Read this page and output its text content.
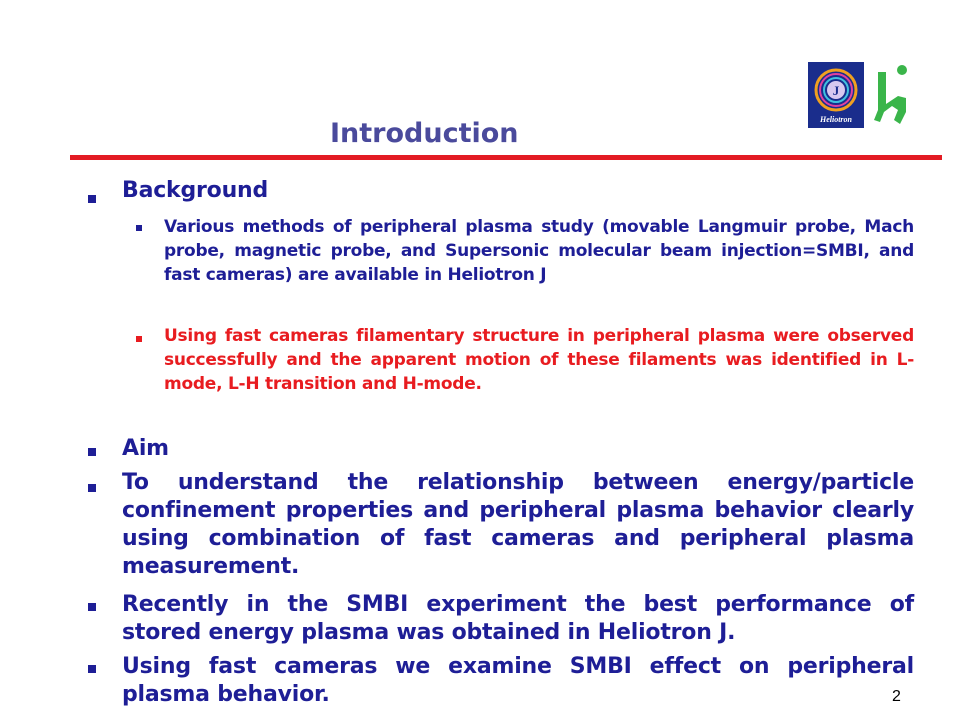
Introduction
J
Heliotron
Background
Various methods of peripheral plasma study (movable Langmuir probe, Mach probe, magnetic probe, and Supersonic molecular beam injection=SMBI, and fast cameras) are available in Heliotron J
Using fast cameras filamentary structure in peripheral plasma were observed successfully and the apparent motion of these filaments was identified in L-mode, L-H transition and H-mode.
Aim
To understand the relationship between energy/particle confinement properties and peripheral plasma behavior clearly using combination of fast cameras and peripheral plasma measurement.
Recently in the SMBI experiment the best performance of stored energy plasma was obtained in Heliotron J.
Using fast cameras we examine SMBI effect on peripheral plasma behavior.	2
